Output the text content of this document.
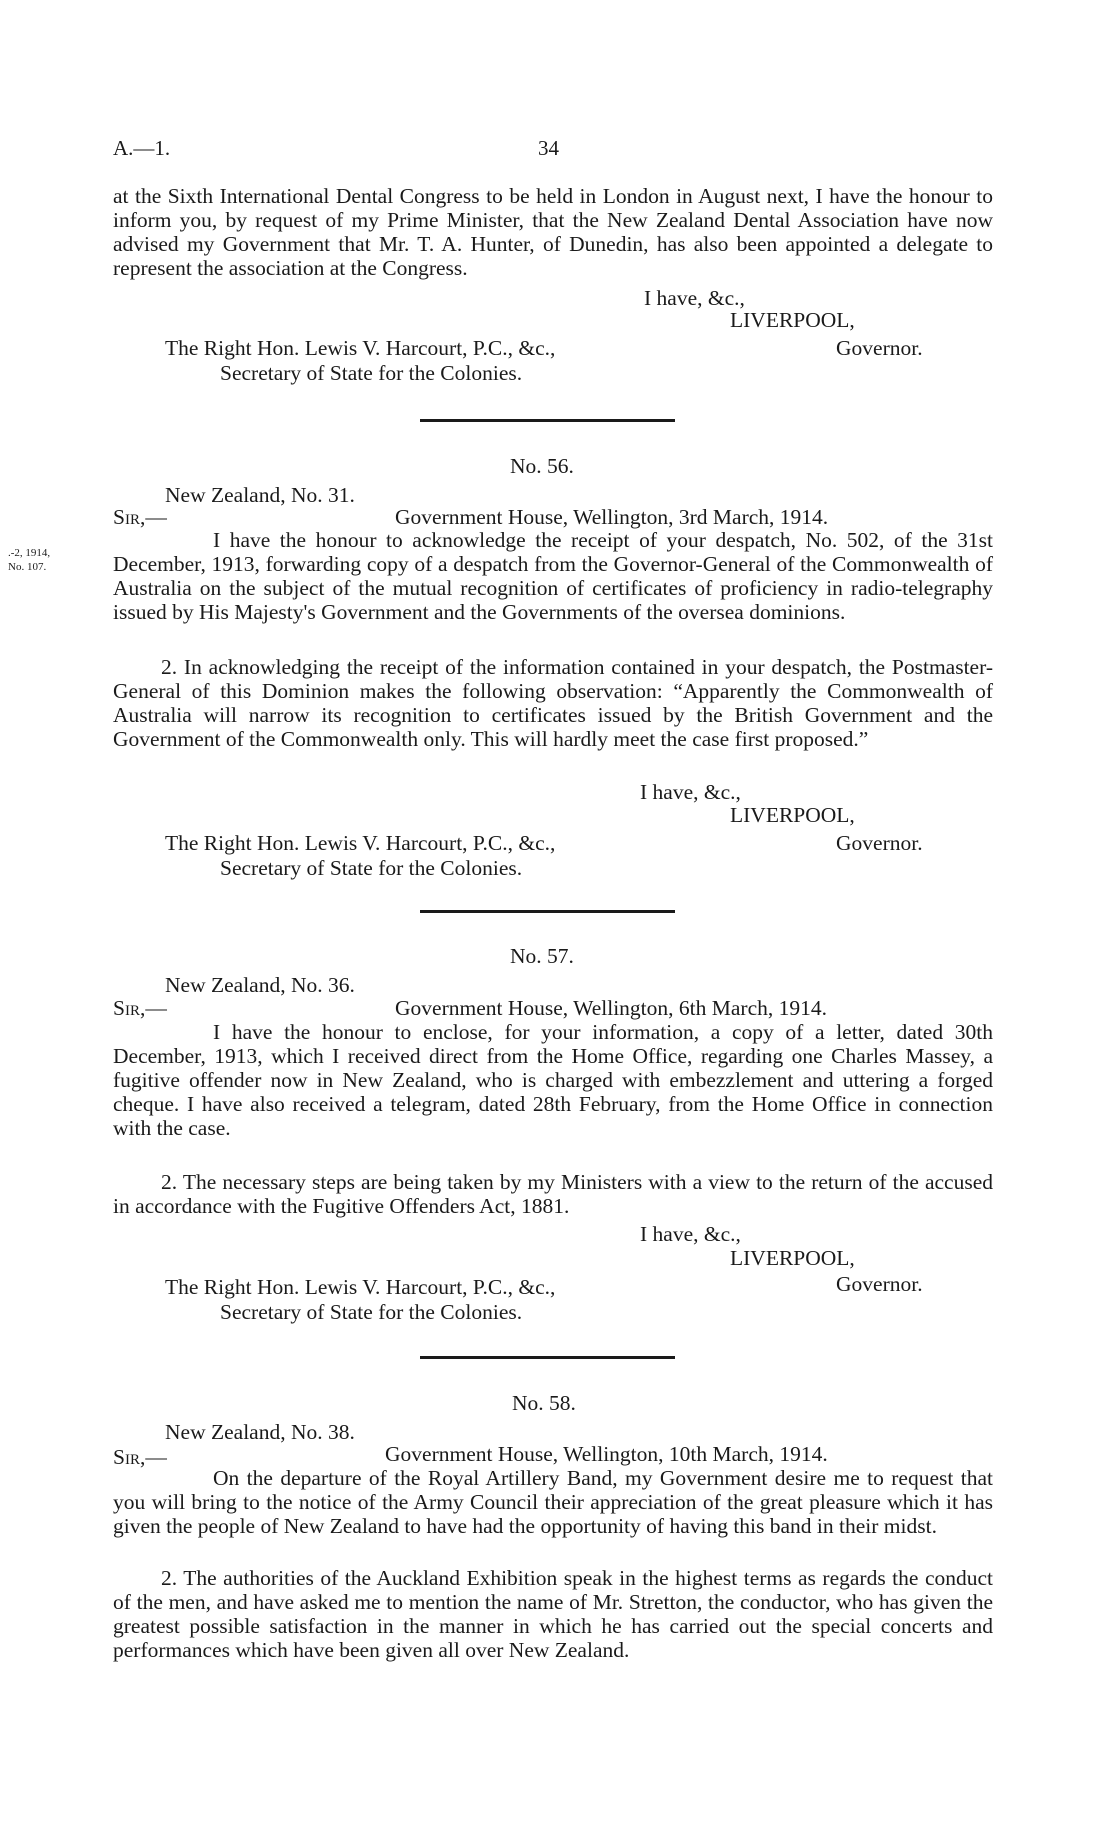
A.—1.	34

at the Sixth International Dental Congress to be held in London in August next, I have the honour to inform you, by request of my Prime Minister, that the New Zealand Dental Association have now advised my Government that Mr. T. A. Hunter, of Dunedin, has also been appointed a delegate to represent the association at the Congress.

I have, &c.,
LIVERPOOL,
The Right Hon. Lewis V. Harcourt, P.C., &c.,	Governor.
Secretary of State for the Colonies.
No. 56.
New Zealand, No. 31.
Sir,—	Government House, Wellington, 3rd March, 1914.
.-2, 1914,
No. 107.

I have the honour to acknowledge the receipt of your despatch, No. 502, of the 31st December, 1913, forwarding copy of a despatch from the Governor-General of the Commonwealth of Australia on the subject of the mutual recognition of certificates of proficiency in radio-telegraphy issued by His Majesty's Government and the Governments of the oversea dominions.

2. In acknowledging the receipt of the information contained in your despatch, the Postmaster-General of this Dominion makes the following observation: “Apparently the Commonwealth of Australia will narrow its recognition to certificates issued by the British Government and the Government of the Commonwealth only. This will hardly meet the case first proposed.”

I have, &c.,
LIVERPOOL,
The Right Hon. Lewis V. Harcourt, P.C., &c.,	Governor.
Secretary of State for the Colonies.
No. 57.
New Zealand, No. 36.
Sir,—	Government House, Wellington, 6th March, 1914.

I have the honour to enclose, for your information, a copy of a letter, dated 30th December, 1913, which I received direct from the Home Office, regarding one Charles Massey, a fugitive offender now in New Zealand, who is charged with embezzlement and uttering a forged cheque. I have also received a telegram, dated 28th February, from the Home Office in connection with the case.

2. The necessary steps are being taken by my Ministers with a view to the return of the accused in accordance with the Fugitive Offenders Act, 1881.

I have, &c.,
LIVERPOOL,
The Right Hon. Lewis V. Harcourt, P.C., &c.,	Governor.
Secretary of State for the Colonies.
No. 58.
New Zealand, No. 38.
Sir,—	Government House, Wellington, 10th March, 1914.

On the departure of the Royal Artillery Band, my Government desire me to request that you will bring to the notice of the Army Council their appreciation of the great pleasure which it has given the people of New Zealand to have had the opportunity of having this band in their midst.

2. The authorities of the Auckland Exhibition speak in the highest terms as regards the conduct of the men, and have asked me to mention the name of Mr. Stretton, the conductor, who has given the greatest possible satisfaction in the manner in which he has carried out the special concerts and performances which have been given all over New Zealand.
